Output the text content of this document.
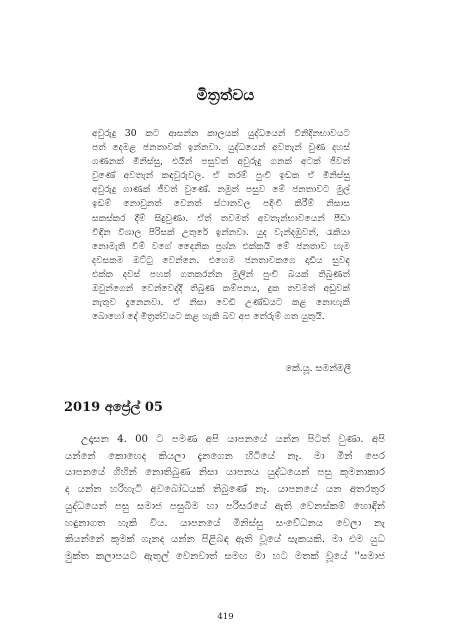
මිත්‍රත්වය
අවුරුදු 30 කට ආසන්න කාලයක් යුද්ධයෙන් විනිදිනභාවයට
පත් දෙමළ ජනතාවක් ඉන්නවා. යුද්ධයෙන් අවතැන් වුණ දහස්
ගණනක් මිනිස්සු, එයින් පසුවත් අවුරුදු ගනක් අටක් ජීවත්
වුණේ අවතැන් කඳවුරුවල. ඒ තරම් පුංචි ඉඩක ඒ මිනිස්සු
අවුරුදු ගාණක් ජීවත් වුණේ. නමුත් පසුව මේ ජනතාවට මුල්
ඉඩම් නොවුනත් වෙනත් ස්ථානවල පදිංචි කිරීම් නිසාස
සකස්කර දීම් සිදුවුණා. ඒත් තවමත් අවතැන්භාවයෙන් පීඩා
විඳින විශාල පිරිසක් උතුරේ ඉන්නවා. යුද වැන්දඹුවන්, රැකියා
නොමැති වීම් වගේ දෛනික ප්‍රශ්න එක්කයි මේ ජනතාව හැම
දවසකම ඔට්ටු වෙන්නෙ. එහෙම ජනතාවකගෙ දාඩිය සුවඳ
එක්ක දවස් පහක් ගතකරන්න මුලින් පුංචි බයක් තිබුණත්
ඔවුන්ගෙන් වෙන්වෙද්දී තිබුණ කම්පනය, දුක තවමත් අඩුවක්
නැතුව දැනෙනවා. ඒ නිසා වෙඩි උණ්ඩයට කළ නොහැකි
බොහෝ දේ මිත්‍රත්වයට කළ හැකි බව අප තේරුම් ගත යුතුයි.
කේ.යූ. සමන්මලී
2019 අප්‍රේල් 05
උදෑසන 4. 00 ට පමණ අපි යාපනයේ යන්න පිටත් වුණා. අපි
යන්නේ කොහෙද කියලා දැනගෙන හිටියේ නෑ. මා මීන් පෙර
යාපනයේ ගිහින් නොතිබුණ නිසා යාපනය යුද්ධයෙන් පසු කුමනාකාර
ද යන්න හරිහැටි අවබෝධයක් තිබුණේ නෑ. යාපනයේ යන අතරතුර
යුද්ධයෙන් පසු සමාජ පසුබිම හා පරිසරයේ ඇති වෙනස්කම් හොඳින්
හඳුනාගත හැකි විය. යාපනයේ මිනිස්සු සංවේධනය වෙලා නැ
කියන්නේ කුමක් ගැනද යන්න පිළිබඳ ඇති වූයේ සැකයකි. මා එම යුධ
මුක්ත කලාපයට ඇතුල් වෙනවාත් සමඟ මා හට මතක් වූයේ ''සමාජ
419
